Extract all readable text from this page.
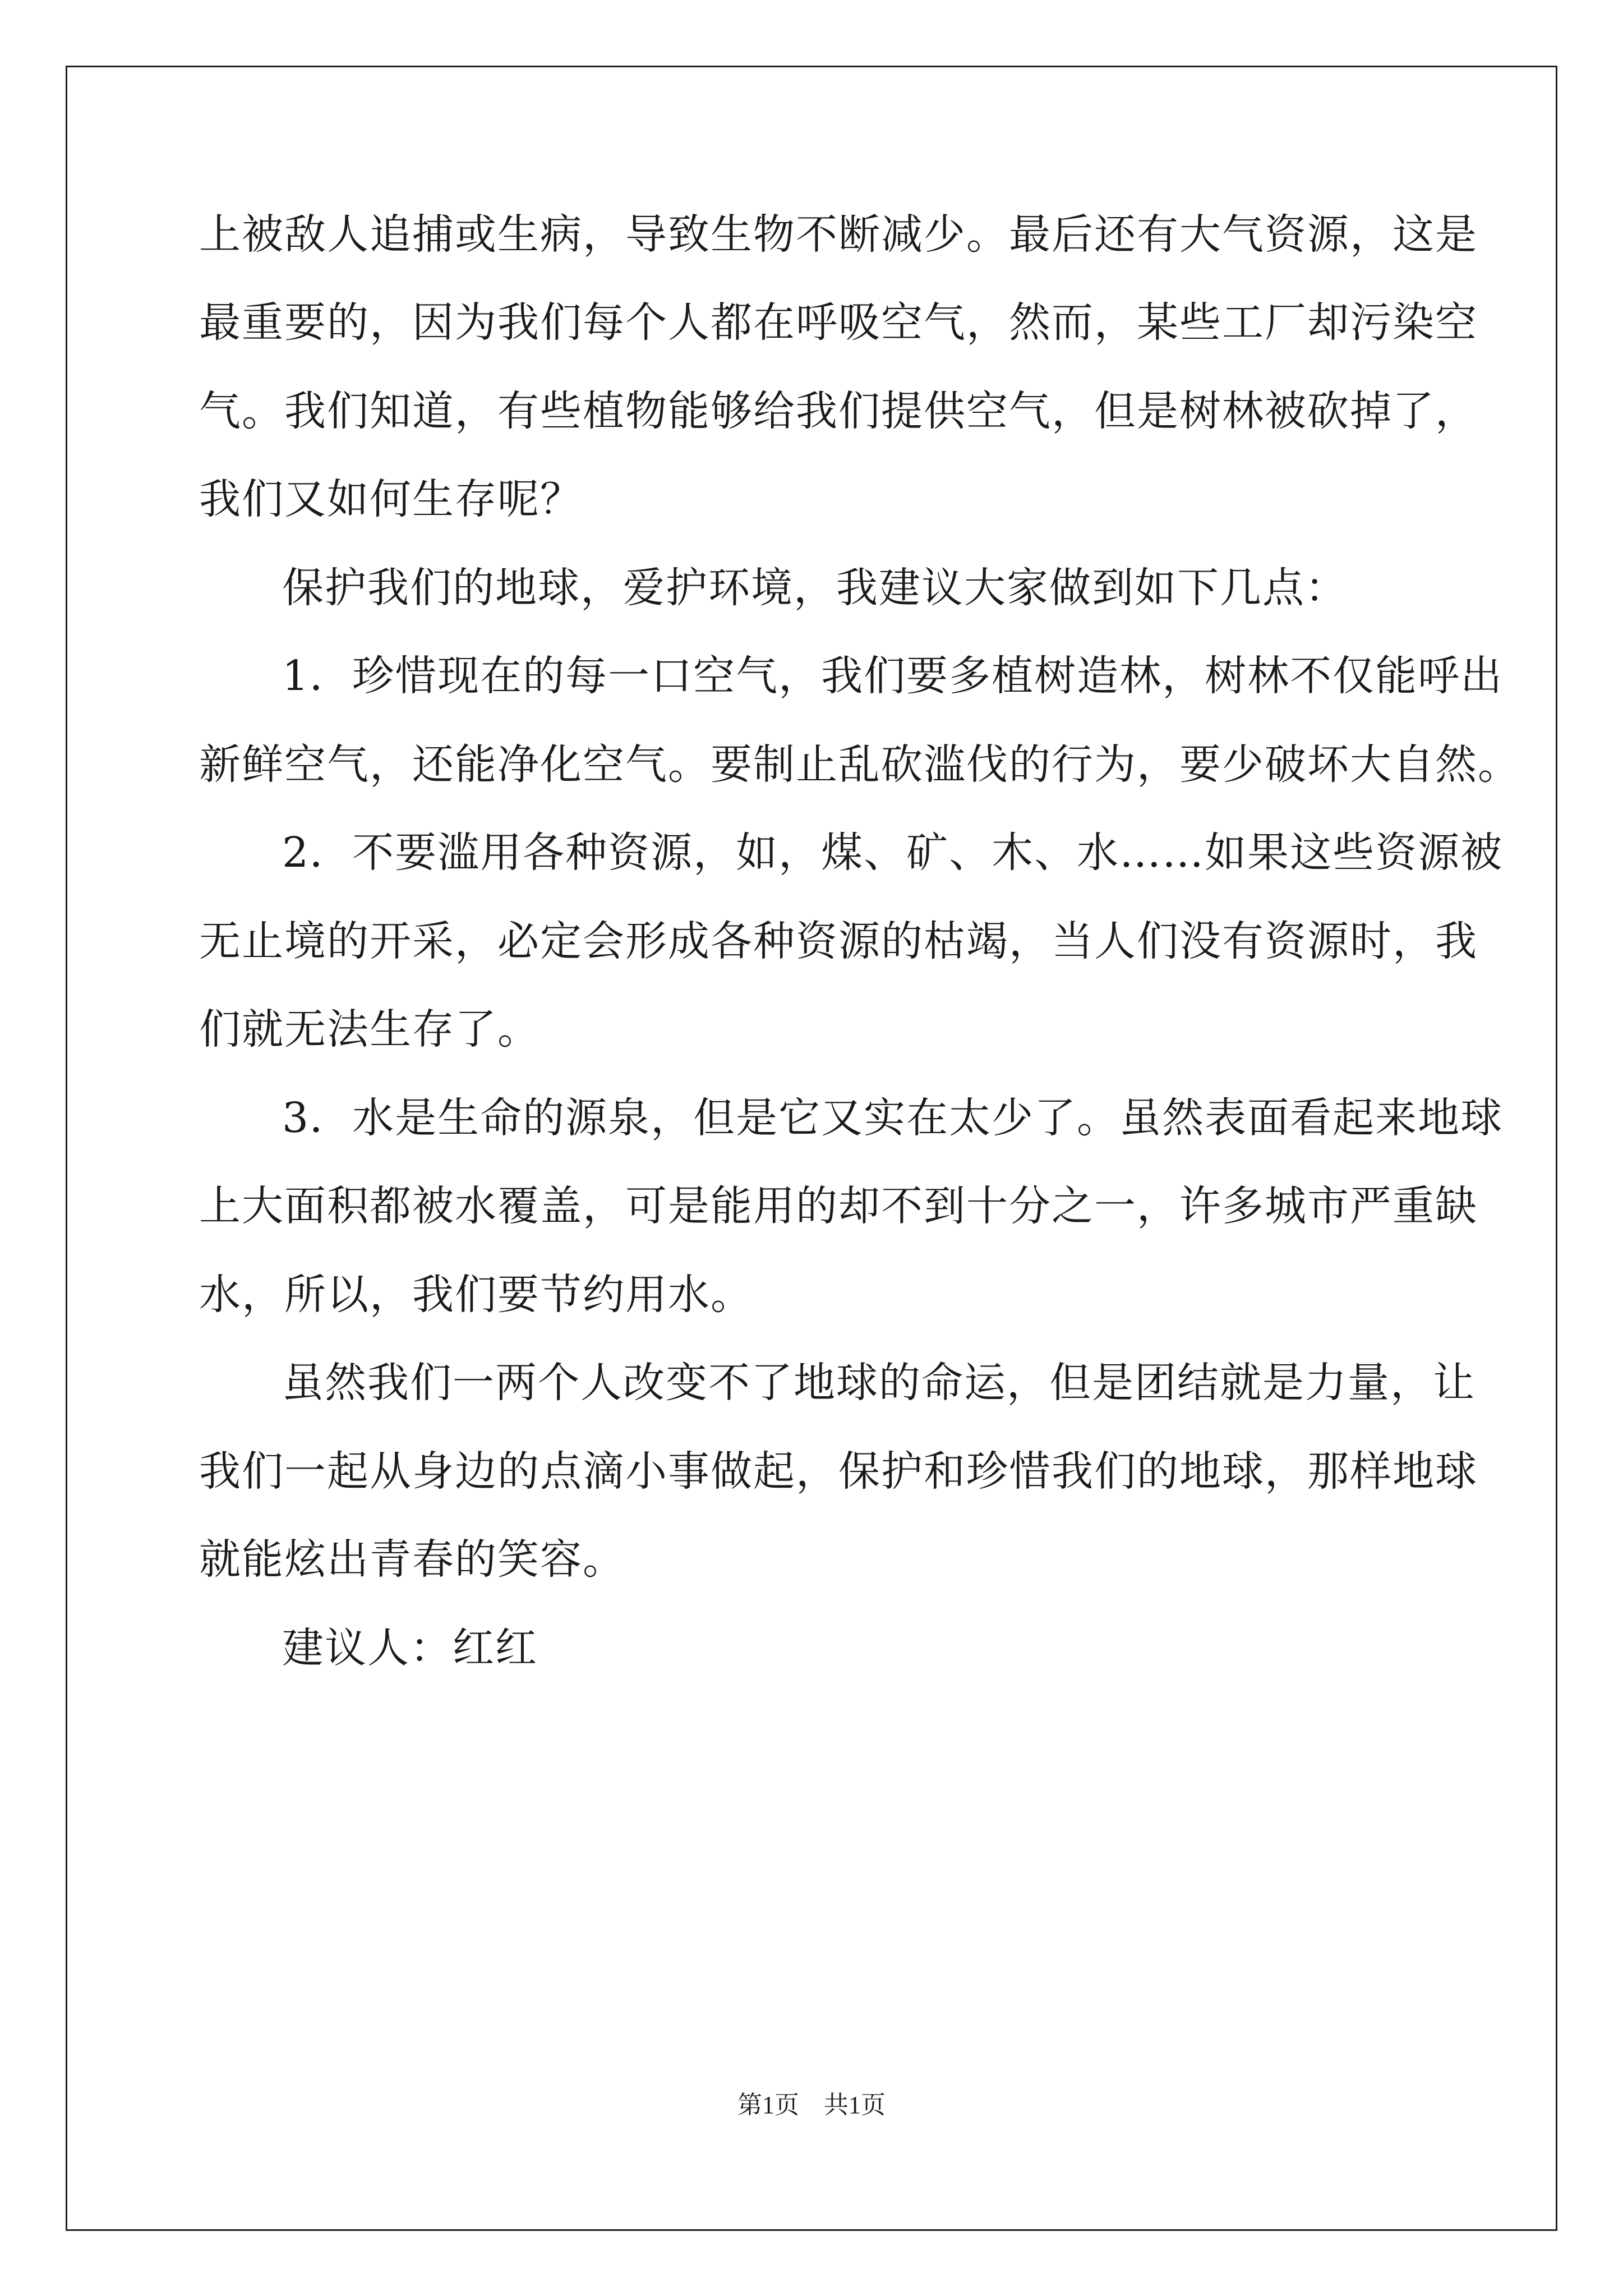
上被敌人追捕或生病，导致生物不断减少。最后还有大气资源，这是
最重要的，因为我们每个人都在呼吸空气，然而，某些工厂却污染空
气。我们知道，有些植物能够给我们提供空气，但是树林被砍掉了，
我们又如何生存呢？
保护我们的地球，爱护环境，我建议大家做到如下几点：
1．珍惜现在的每一口空气，我们要多植树造林，树林不仅能呼出
新鲜空气，还能净化空气。要制止乱砍滥伐的行为，要少破坏大自然。
2．不要滥用各种资源，如，煤、矿、木、水……如果这些资源被
无止境的开采，必定会形成各种资源的枯竭，当人们没有资源时，我
们就无法生存了。
3．水是生命的源泉，但是它又实在太少了。虽然表面看起来地球
上大面积都被水覆盖，可是能用的却不到十分之一，许多城市严重缺
水，所以，我们要节约用水。
虽然我们一两个人改变不了地球的命运，但是团结就是力量，让
我们一起从身边的点滴小事做起，保护和珍惜我们的地球，那样地球
就能炫出青春的笑容。
建议人：红红
第1页　共1页
